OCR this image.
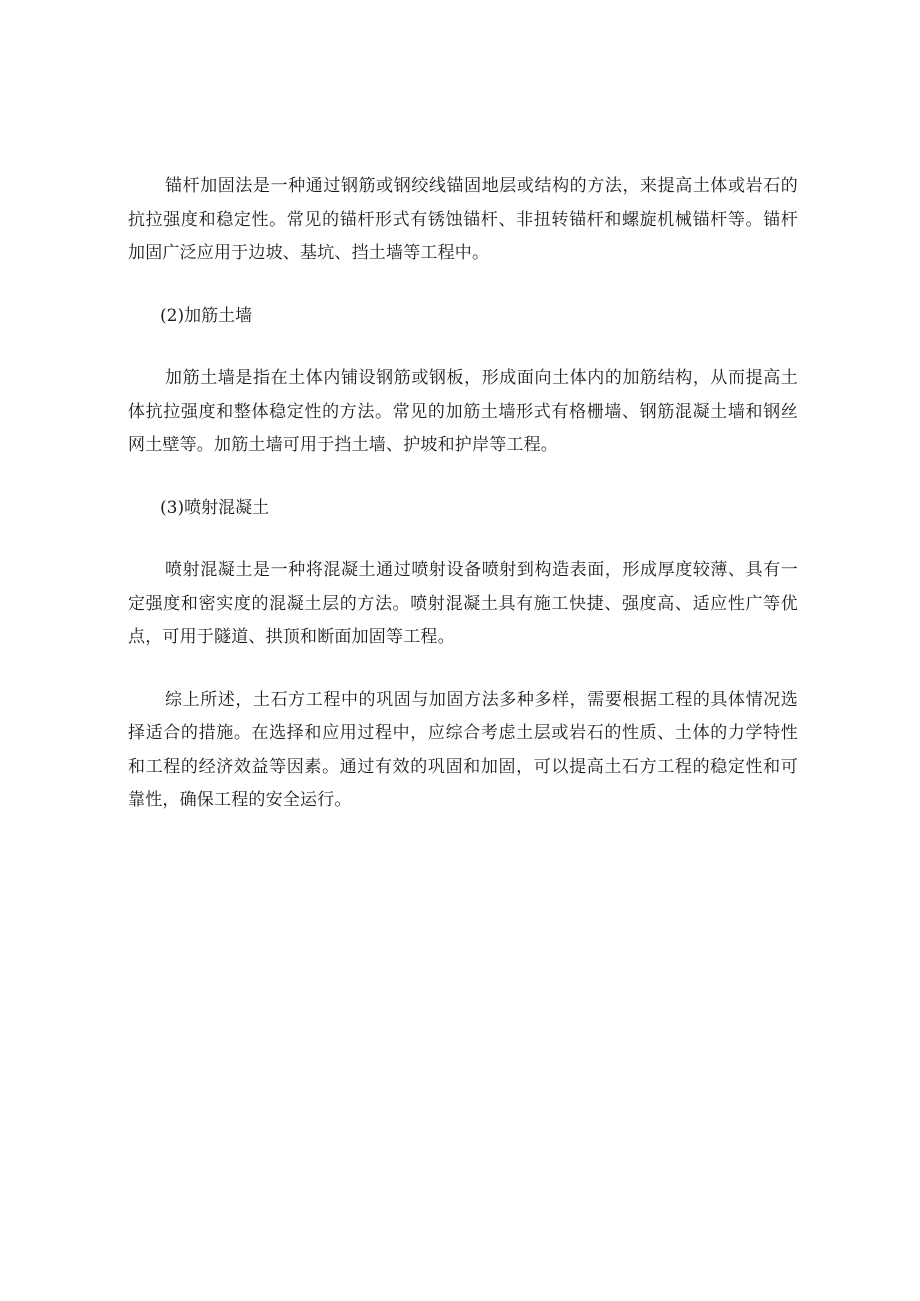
锚杆加固法是一种通过钢筋或钢绞线锚固地层或结构的方法，来提高土体或岩石的抗拉强度和稳定性。常见的锚杆形式有锈蚀锚杆、非扭转锚杆和螺旋机械锚杆等。锚杆加固广泛应用于边坡、基坑、挡土墙等工程中。

(2)加筋土墙

加筋土墙是指在土体内铺设钢筋或钢板，形成面向土体内的加筋结构，从而提高土体抗拉强度和整体稳定性的方法。常见的加筋土墙形式有格栅墙、钢筋混凝土墙和钢丝网土壁等。加筋土墙可用于挡土墙、护坡和护岸等工程。

(3)喷射混凝土

喷射混凝土是一种将混凝土通过喷射设备喷射到构造表面，形成厚度较薄、具有一定强度和密实度的混凝土层的方法。喷射混凝土具有施工快捷、强度高、适应性广等优点，可用于隧道、拱顶和断面加固等工程。

综上所述，土石方工程中的巩固与加固方法多种多样，需要根据工程的具体情况选择适合的措施。在选择和应用过程中，应综合考虑土层或岩石的性质、土体的力学特性和工程的经济效益等因素。通过有效的巩固和加固，可以提高土石方工程的稳定性和可靠性，确保工程的安全运行。
